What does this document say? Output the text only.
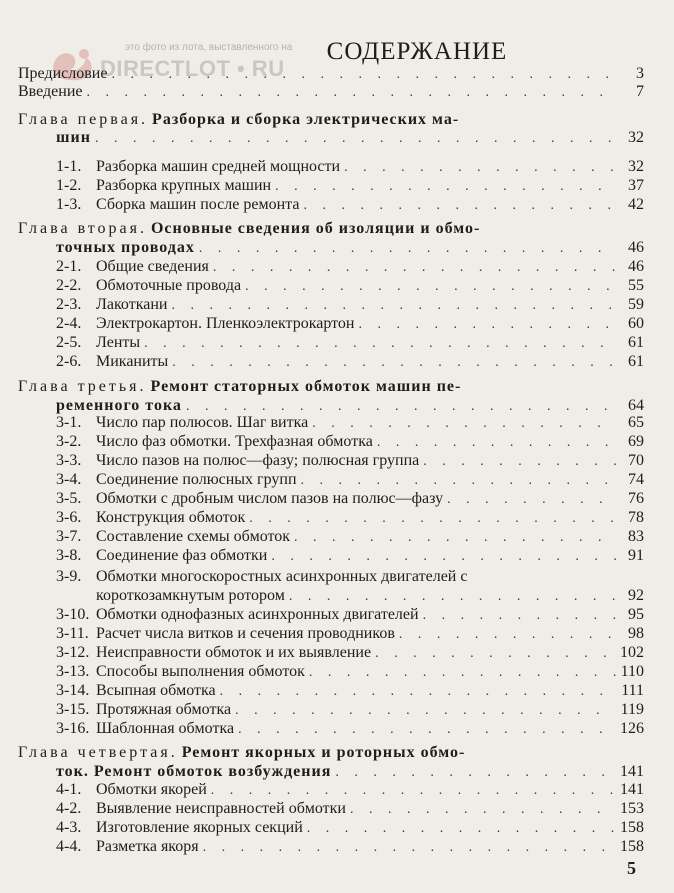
это фото из лота, выставленного на
DIRECTLOT • RU
СОДЕРЖАНИЕ
Предисловие . . .	3
Введение . . .	7
Глава первая.
Разборка и сборка электрических ма-
шин . . .	32
1-1. Разборка машин средней мощности . . .	32
1-2. Разборка крупных машин . . .	37
1-3. Сборка машин после ремонта . . .	42
Глава вторая.
Основные сведения об изоляции и обмо-
точных проводах . . .	46
2-1. Общие сведения . . .	46
2-2. Обмоточные провода . . .	55
2-3. Лакоткани . . .	59
2-4. Электрокартон. Пленкоэлектрокартон . . .	60
2-5. Ленты . . .	61
2-6. Миканиты . . .	61
Глава третья.
Ремонт статорных обмоток машин пе-
ременного тока . . .	64
3-1. Число пар полюсов. Шаг витка . . .	65
3-2. Число фаз обмотки. Трехфазная обмотка . . .	69
3-3. Число пазов на полюс—фазу; полюсная группа . . .	70
3-4. Соединение полюсных групп . . .	74
3-5. Обмотки с дробным числом пазов на полюс—фазу . . .	76
3-6. Конструкция обмоток . . .	78
3-7. Составление схемы обмоток . . .	83
3-8. Соединение фаз обмотки . . .	91
3-9. Обмотки многоскоростных асинхронных двигателей с
короткозамкнутым ротором . . .	92
3-10. Обмотки однофазных асинхронных двигателей . . .	95
3-11. Расчет числа витков и сечения проводников . . .	98
3-12. Неисправности обмоток и их выявление . . .	102
3-13. Способы выполнения обмоток . . .	110
3-14. Всыпная обмотка . . .	111
3-15. Протяжная обмотка . . .	119
3-16. Шаблонная обмотка . . .	126
Глава четвертая.
Ремонт якорных и роторных обмо-
ток. Ремонт обмоток возбуждения . . .	141
4-1. Обмотки якорей . . .	141
4-2. Выявление неисправностей обмотки . . .	153
4-3. Изготовление якорных секций . . .	158
4-4. Разметка якоря . . .	158
5
